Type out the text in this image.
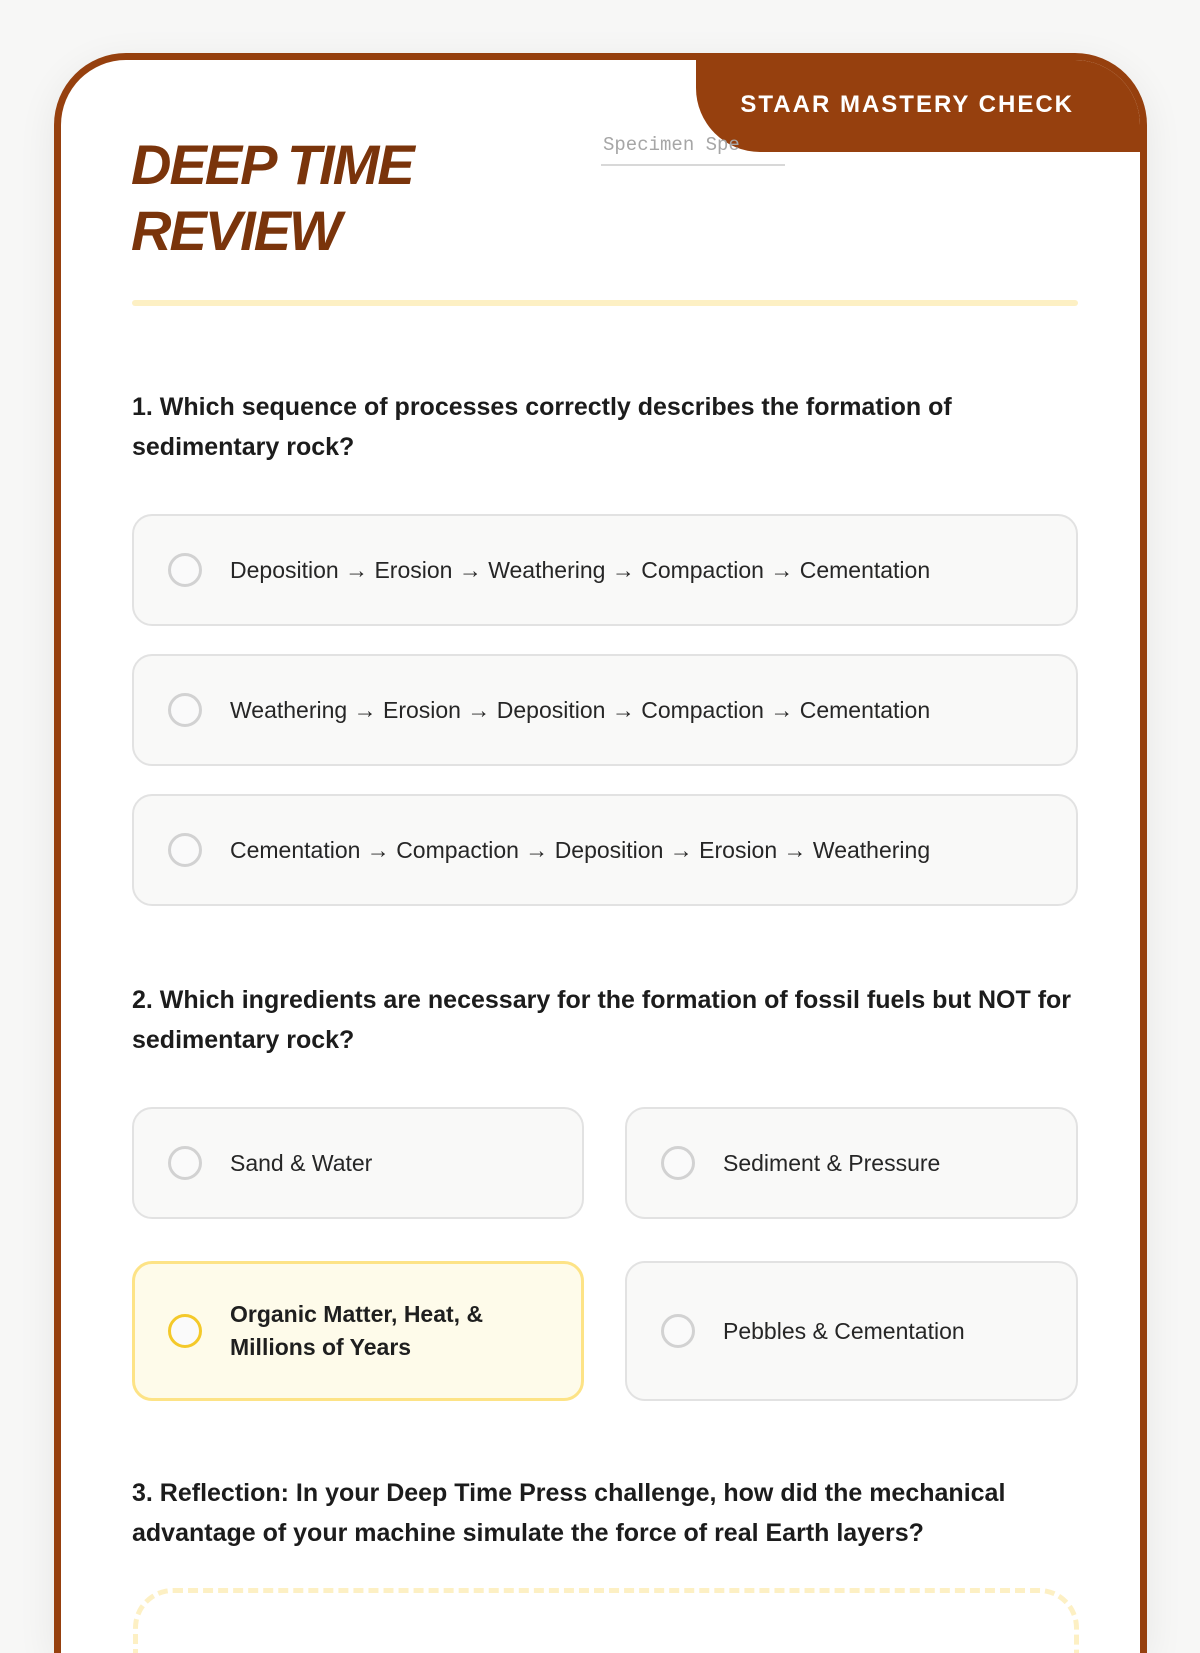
STAAR MASTERY CHECK
DEEP TIME
REVIEW
Specimen Spe

1. Which sequence of processes correctly describes the formation of sedimentary rock?

Deposition → Erosion → Weathering → Compaction → Cementation
Weathering → Erosion → Deposition → Compaction → Cementation
Cementation → Compaction → Deposition → Erosion → Weathering

2. Which ingredients are necessary for the formation of fossil fuels but NOT for sedimentary rock?

Sand & Water	Sediment & Pressure
Organic Matter, Heat, & Millions of Years
Pebbles & Cementation

3. Reflection: In your Deep Time Press challenge, how did the mechanical advantage of your machine simulate the force of real Earth layers?
